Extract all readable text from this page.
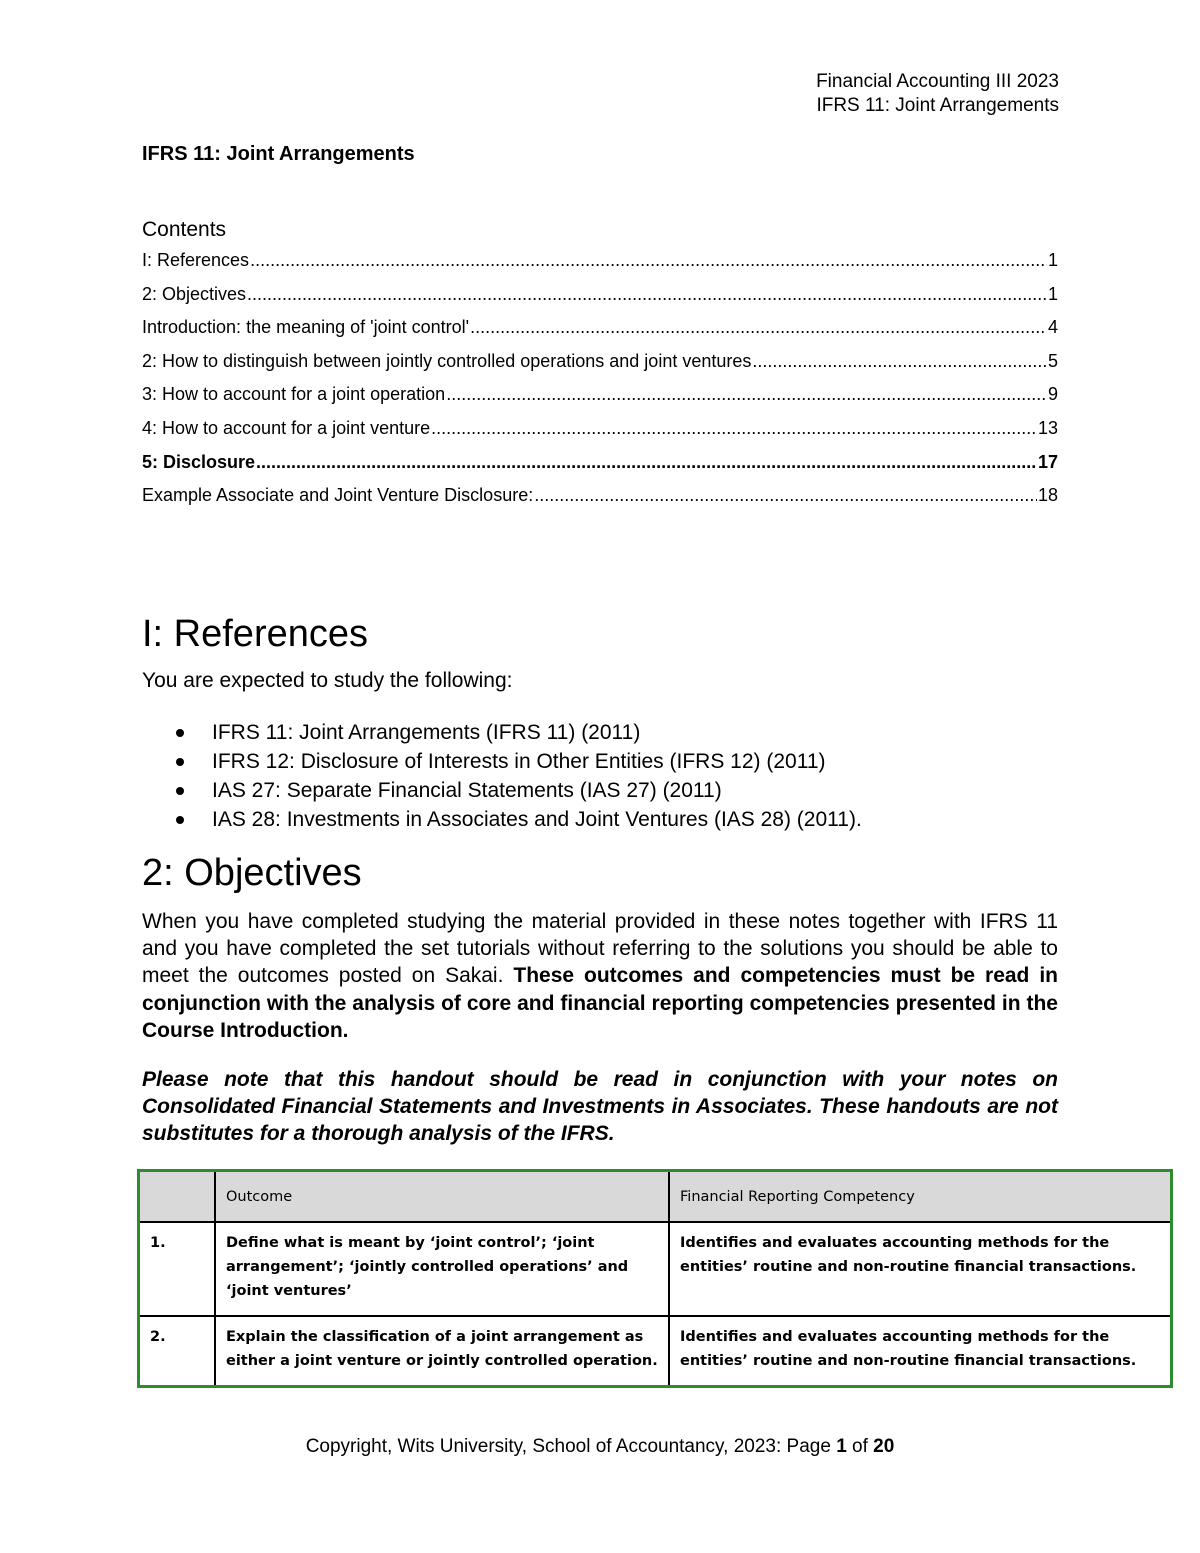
Financial Accounting III 2023
IFRS 11: Joint Arrangements
IFRS 11: Joint Arrangements
Contents
I: References .....	1
2: Objectives .....	1
Introduction: the meaning of 'joint control' .....	4
2: How to distinguish between jointly controlled operations and joint ventures .....	5
3: How to account for a joint operation .....	9
4: How to account for a joint venture .....	13
5: Disclosure .....	17
Example Associate and Joint Venture Disclosure: .....	18
I: References
You are expected to study the following:
IFRS 11: Joint Arrangements (IFRS 11) (2011)
IFRS 12: Disclosure of Interests in Other Entities (IFRS 12) (2011)
IAS 27: Separate Financial Statements (IAS 27) (2011)
IAS 28: Investments in Associates and Joint Ventures (IAS 28) (2011).
2: Objectives
When you have completed studying the material provided in these notes together with IFRS 11 and you have completed the set tutorials without referring to the solutions you should be able to meet the outcomes posted on Sakai. These outcomes and competencies must be read in conjunction with the analysis of core and financial reporting competencies presented in the Course Introduction.
Please note that this handout should be read in conjunction with your notes on Consolidated Financial Statements and Investments in Associates. These handouts are not substitutes for a thorough analysis of the IFRS.
	Outcome	Financial Reporting Competency
1.	Define what is meant by ‘joint control’; ‘joint arrangement’; ‘jointly controlled operations’ and ‘joint ventures’	Identifies and evaluates accounting methods for the entities’ routine and non-routine financial transactions.
2.	Explain the classification of a joint arrangement as either a joint venture or jointly controlled operation.	Identifies and evaluates accounting methods for the entities’ routine and non-routine financial transactions.
Copyright, Wits University, School of Accountancy, 2023: Page 1 of 20
